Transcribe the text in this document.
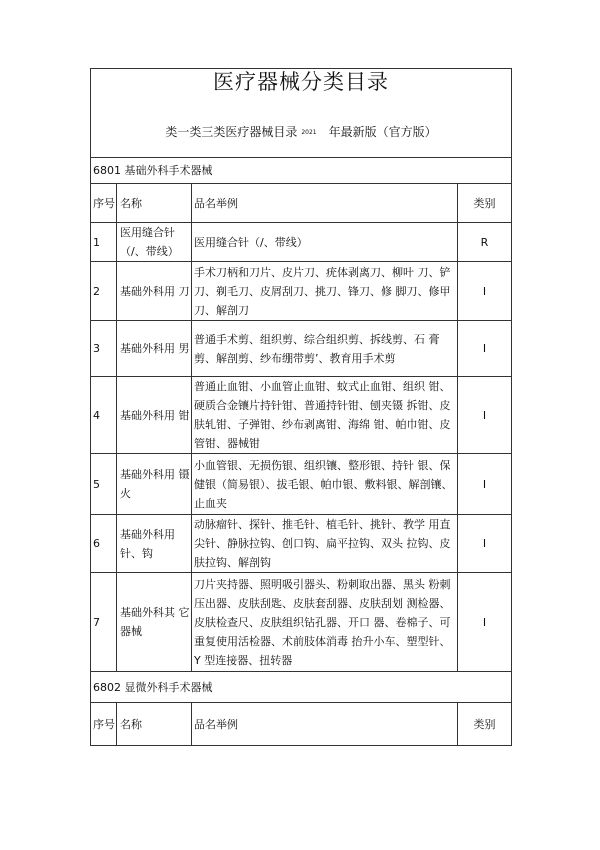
医疗器械分类目录
类一类三类医疗器械目录 2021 年最新版（官方版）			

6801 基础外科手术器械			
序号	名称	品名举例	类别
1	医用缝合针（/、带线）	医用缝合针（/、带线）	R
2	基础外科用 刀	手术刀柄和刀片、皮片刀、疣体剥离刀、柳叶 刀、铲刀、剃毛刀、皮屑刮刀、挑刀、锋刀、修 脚刀、修甲刀、解剖刀	I
3	基础外科用 男	普通手术剪、组织剪、综合组织剪、拆线剪、石 膏剪、解剖剪、纱布绷带剪’、教育用手术剪	I
4	基础外科用 钳	普通止血钳、小血管止血钳、蚊式止血钳、组织 钳、硬质合金镶片持针钳、普通持针钳、刨夹镊 拆钳、皮肤轧钳、子弹钳、纱布剥离钳、海绵 钳、帕巾钳、皮管钳、器械钳	I
5	基础外科用 镊火	小血管银、无损伤银、组织镶、整形银、持针 银、保健银（简易银）、拔毛银、帕巾银、敷料银、解剖镶、止血夹	I
6	基础外科用针、钩	动脉瘤针、探针、推毛针、植毛针、挑针、教学 用直尖针、静脉拉钩、创口钩、扁平拉钩、双头 拉钩、皮肤拉钩、解剖钩	I
7	基础外科其 它器械	刀片夹持器、照明吸引器头、粉刺取出器、黑头 粉刺压出器、皮肤刮匙、皮肤套刮器、皮肤刮划 测检器、皮肤检查尺、皮肤组织钻孔器、开口 器、卷棉子、可重复使用活检器、术前肢体消毒 抬升小车、塑型针、Y 型连接器、扭转器	I
6802 显微外科手术器械			
序号	名称	品名举例	类别
